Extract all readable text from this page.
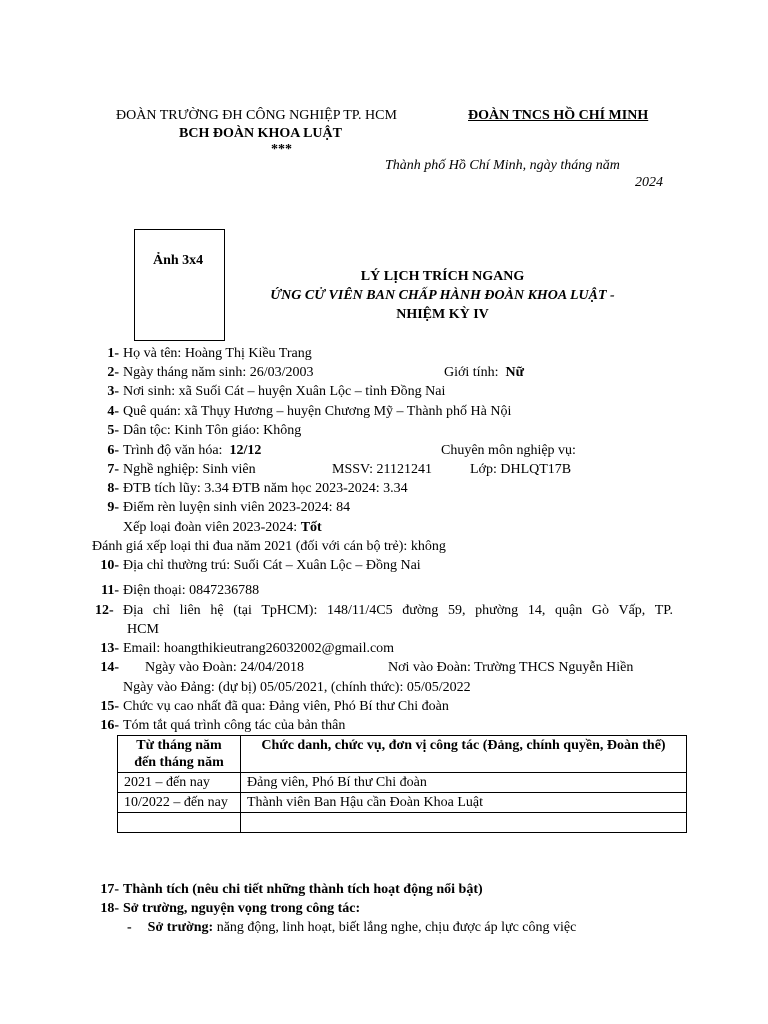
ĐOÀN TRƯỜNG ĐH CÔNG NGHIỆP TP. HCM
BCH ĐOÀN KHOA LUẬT
***
ĐOÀN TNCS HỒ CHÍ MINH
Thành phố Hồ Chí Minh, ngày tháng năm
2024
Ảnh 3x4
LÝ LỊCH TRÍCH NGANG
ỨNG CỬ VIÊN BAN CHẤP HÀNH ĐOÀN KHOA LUẬT -
NHIỆM KỲ IV
1- Họ và tên: Hoàng Thị Kiều Trang
2- Ngày tháng năm sinh: 26/03/2003	Giới tính: Nữ
3- Nơi sinh: xã Suối Cát – huyện Xuân Lộc – tỉnh Đồng Nai
4- Quê quán: xã Thụy Hương – huyện Chương Mỹ – Thành phố Hà Nội
5- Dân tộc: Kinh Tôn giáo: Không
6- Trình độ văn hóa: 12/12	Chuyên môn nghiệp vụ:
7- Nghề nghiệp: Sinh viên	MSSV: 21121241	Lớp: DHLQT17B
8- ĐTB tích lũy: 3.34 ĐTB năm học 2023-2024: 3.34
9- Điểm rèn luyện sinh viên 2023-2024: 84
Xếp loại đoàn viên 2023-2024: Tốt
Đánh giá xếp loại thi đua năm 2021 (đối với cán bộ trẻ): không
10- Địa chỉ thường trú: Suối Cát – Xuân Lộc – Đồng Nai
11- Điện thoại: 0847236788
12- Địa chỉ liên hệ (tại TpHCM): 148/11/4C5 đường 59, phường 14, quận Gò Vấp, TP.
HCM
13- Email: hoangthikieutrang26032002@gmail.com
14- Ngày vào Đoàn: 24/04/2018	Nơi vào Đoàn: Trường THCS Nguyễn Hiền
Ngày vào Đảng: (dự bị) 05/05/2021, (chính thức): 05/05/2022
15- Chức vụ cao nhất đã qua: Đảng viên, Phó Bí thư Chi đoàn
16- Tóm tắt quá trình công tác của bản thân
Từ tháng năm đến tháng năm	Chức danh, chức vụ, đơn vị công tác (Đảng, chính quyền, Đoàn thể)
2021 – đến nay	Đảng viên, Phó Bí thư Chi đoàn
10/2022 – đến nay	Thành viên Ban Hậu cần Đoàn Khoa Luật

17- Thành tích (nêu chi tiết những thành tích hoạt động nổi bật)
18- Sở trường, nguyện vọng trong công tác:
- Sở trường: năng động, linh hoạt, biết lắng nghe, chịu được áp lực công việc
